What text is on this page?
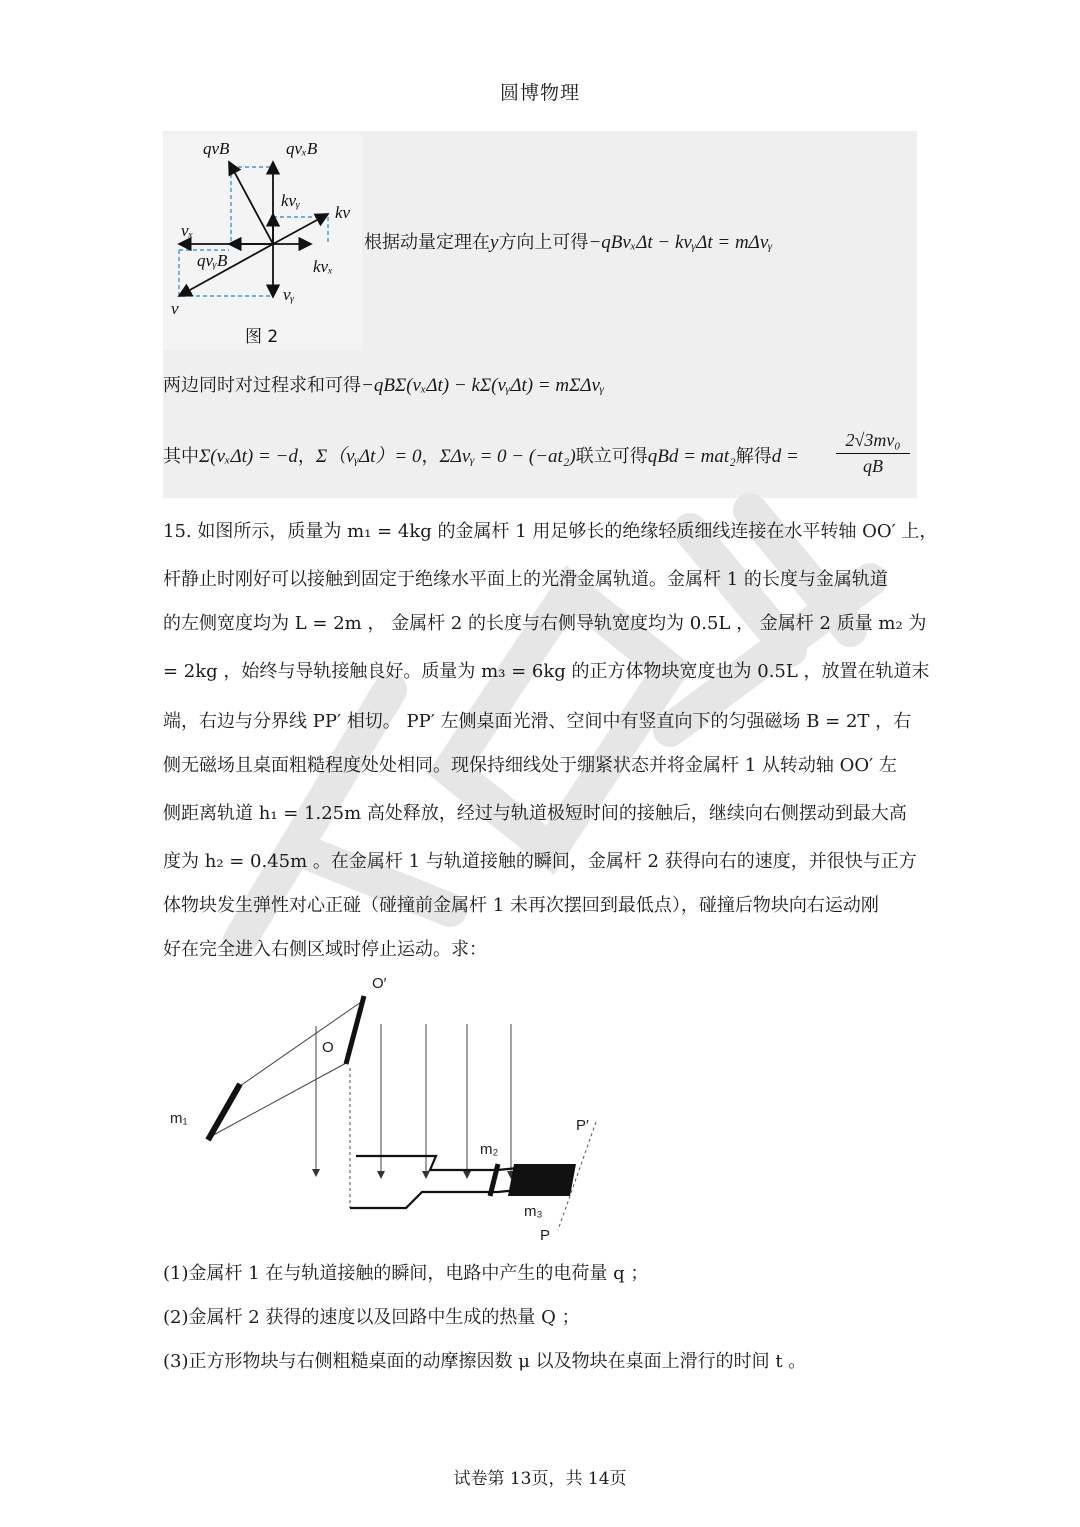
圆博物理
qvB	qvₓB
kvᵧ
kv
vₓ
qvᵧB	kvₓ
vᵧ
v
图 2
根据动量定理在y方向上可得−qBvₓΔt − kvᵧΔt = mΔvᵧ
两边同时对过程求和可得−qBΣ(vₓΔt) − kΣ(vᵧΔt) = mΣΔvᵧ
其中Σ(vₓΔt) = −d，Σ（vᵧΔt）= 0，ΣΔvᵧ = 0 − (−at₂)联立可得qBd = mat₂解得$d = \frac{\text{2√3mv₀}}{qB}$
15. 如图所示，质量为 m₁ = 4kg 的金属杆 1 用足够长的绝缘轻质细线连接在水平转轴 OO′ 上，
杆静止时刚好可以接触到固定于绝缘水平面上的光滑金属轨道。金属杆 1 的长度与金属轨道
的左侧宽度均为 L = 2m ， 金属杆 2 的长度与右侧导轨宽度均为 0.5L ， 金属杆 2 质量 m₂ 为
= 2kg ，始终与导轨接触良好。质量为 m₃ = 6kg 的正方体物块宽度也为 0.5L ，放置在轨道末
端，右边与分界线 PP′ 相切。 PP′ 左侧桌面光滑、空间中有竖直向下的匀强磁场 B = 2T ，右
侧无磁场且桌面粗糙程度处处相同。现保持细线处于绷紧状态并将金属杆 1 从转动轴 OO′ 左
侧距离轨道 h₁ = 1.25m 高处释放，经过与轨道极短时间的接触后，继续向右侧摆动到最大高
度为 h₂ = 0.45m 。在金属杆 1 与轨道接触的瞬间，金属杆 2 获得向右的速度，并很快与正方
体物块发生弹性对心正碰（碰撞前金属杆 1 未再次摆回到最低点），碰撞后物块向右运动刚
好在完全进入右侧区域时停止运动。求：
O′
O
m₁
m₂
m₃
P′
P
(1)金属杆 1 在与轨道接触的瞬间，电路中产生的电荷量 q ；
(2)金属杆 2 获得的速度以及回路中生成的热量 Q ；
(3)正方形物块与右侧粗糙桌面的动摩擦因数 μ 以及物块在桌面上滑行的时间 t 。
试卷第 13页，共 14页
